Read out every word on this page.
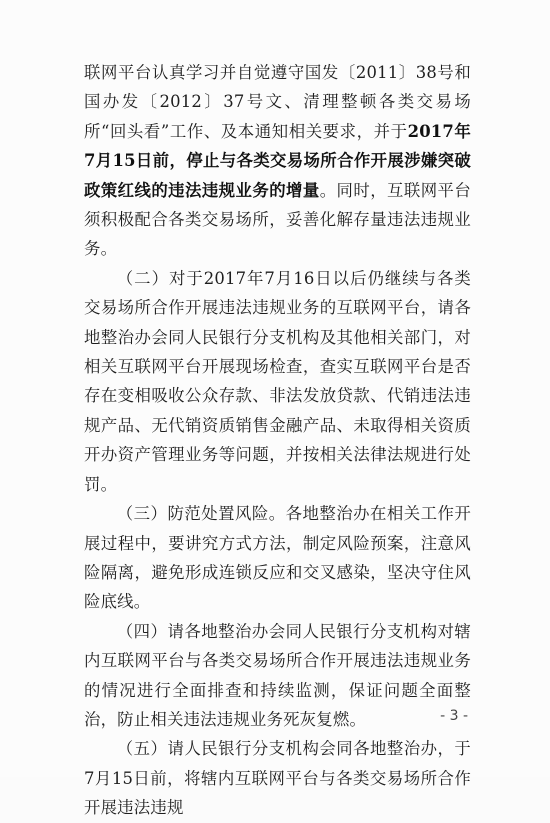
联网平台认真学习并自觉遵守国发〔2011〕38号和国办发〔2012〕37号文、清理整顿各类交易场所“回头看”工作、及本通知相关要求，并于2017年7月15日前，停止与各类交易场所合作开展涉嫌突破政策红线的违法违规业务的增量。同时，互联网平台须积极配合各类交易场所，妥善化解存量违法违规业务。

（二）对于2017年7月16日以后仍继续与各类交易场所合作开展违法违规业务的互联网平台，请各地整治办会同人民银行分支机构及其他相关部门，对相关互联网平台开展现场检查，查实互联网平台是否存在变相吸收公众存款、非法发放贷款、代销违法违规产品、无代销资质销售金融产品、未取得相关资质开办资产管理业务等问题，并按相关法律法规进行处罚。

（三）防范处置风险。各地整治办在相关工作开展过程中，要讲究方式方法，制定风险预案，注意风险隔离，避免形成连锁反应和交叉感染，坚决守住风险底线。

（四）请各地整治办会同人民银行分支机构对辖内互联网平台与各类交易场所合作开展违法违规业务的情况进行全面排查和持续监测，保证问题全面整治，防止相关违法违规业务死灰复燃。

（五）请人民银行分支机构会同各地整治办，于7月15日前，将辖内互联网平台与各类交易场所合作开展违法违规

- 3 -
